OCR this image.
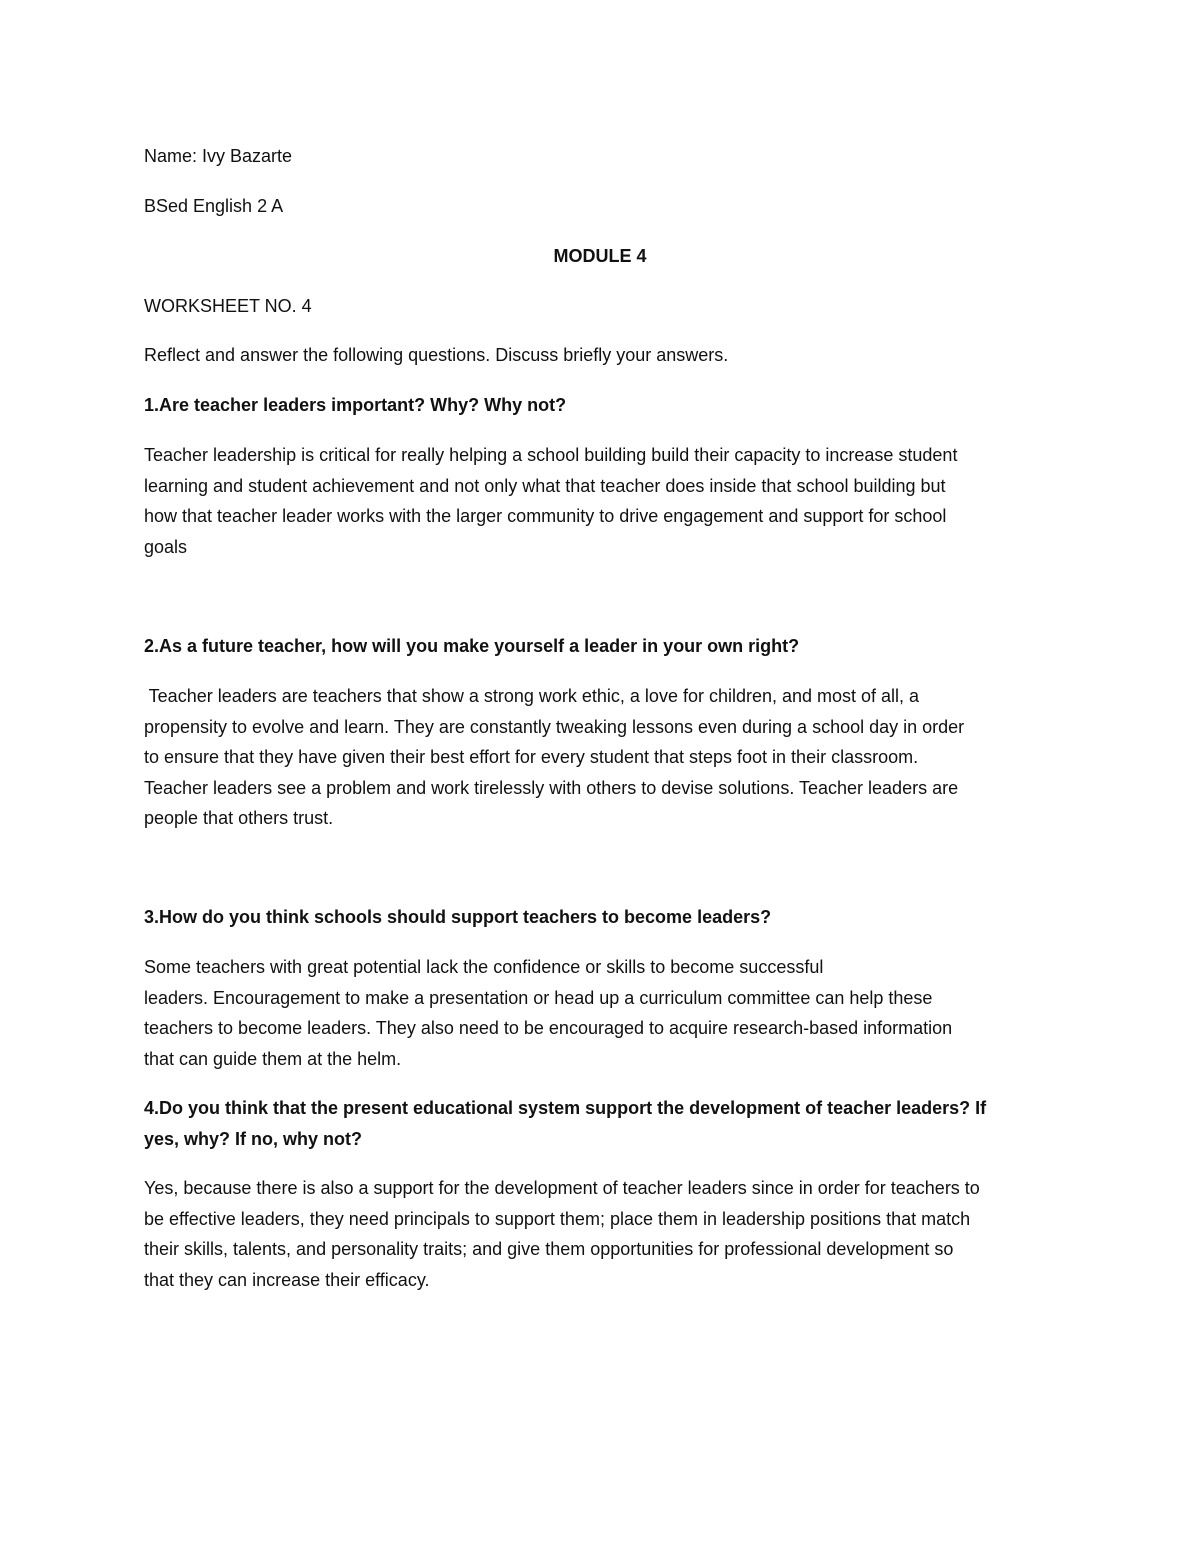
Name: Ivy Bazarte

BSed English 2 A

MODULE 4

WORKSHEET NO. 4

Reflect and answer the following questions. Discuss briefly your answers.

1.Are teacher leaders important? Why? Why not?

Teacher leadership is critical for really helping a school building build their capacity to increase student
learning and student achievement and not only what that teacher does inside that school building but
how that teacher leader works with the larger community to drive engagement and support for school
goals

2.As a future teacher, how will you make yourself a leader in your own right?

Teacher leaders are teachers that show a strong work ethic, a love for children, and most of all, a
propensity to evolve and learn. They are constantly tweaking lessons even during a school day in order
to ensure that they have given their best effort for every student that steps foot in their classroom.
Teacher leaders see a problem and work tirelessly with others to devise solutions. Teacher leaders are
people that others trust.

3.How do you think schools should support teachers to become leaders?

Some teachers with great potential lack the confidence or skills to become successful
leaders. Encouragement to make a presentation or head up a curriculum committee can help these
teachers to become leaders. They also need to be encouraged to acquire research-based information
that can guide them at the helm.
4.Do you think that the present educational system support the development of teacher leaders? If
yes, why? If no, why not?
Yes, because there is also a support for the development of teacher leaders since in order for teachers to
be effective leaders, they need principals to support them; place them in leadership positions that match
their skills, talents, and personality traits; and give them opportunities for professional development so
that they can increase their efficacy.
